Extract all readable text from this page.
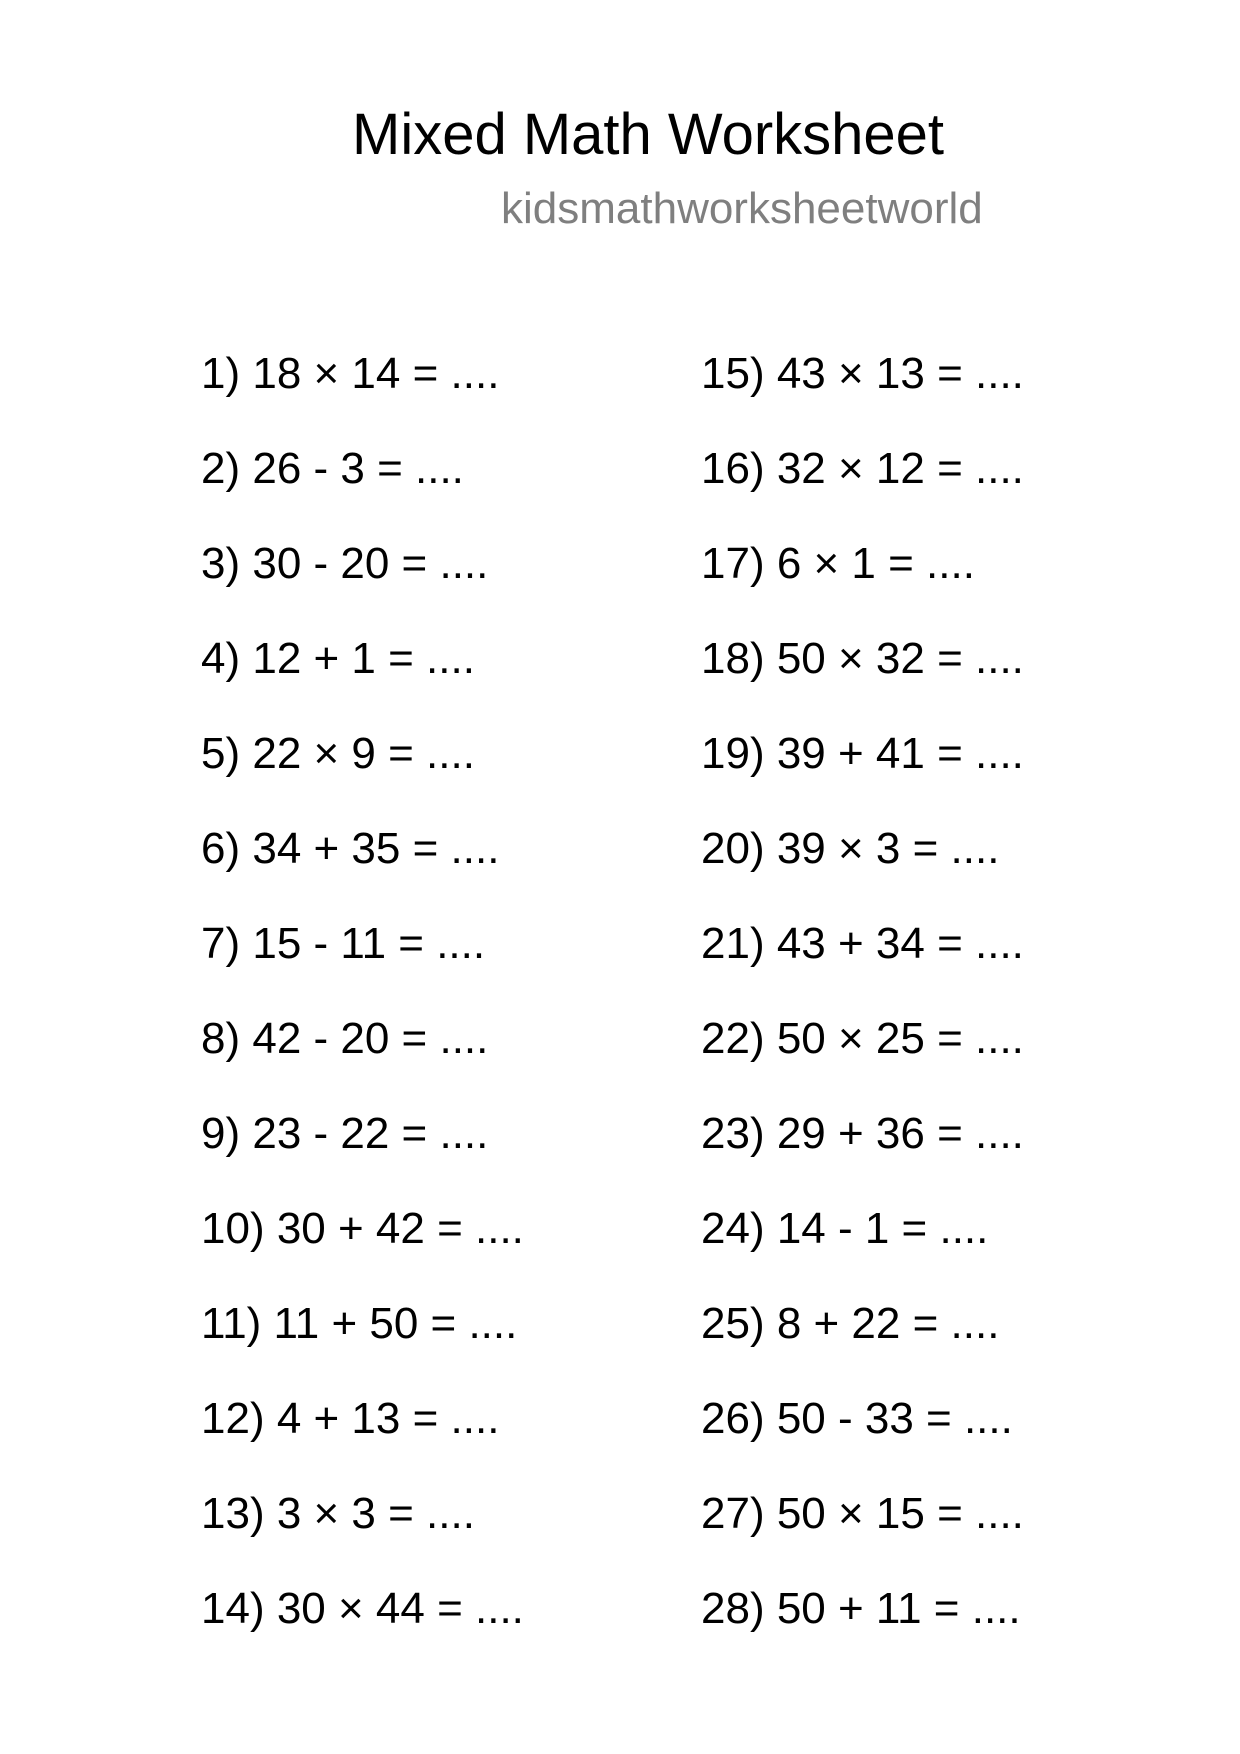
Mixed Math Worksheet
kidsmathworksheetworld
1) 18 × 14 = ....
2) 26 - 3 = ....
3) 30 - 20 = ....
4) 12 + 1 = ....
5) 22 × 9 = ....
6) 34 + 35 = ....
7) 15 - 11 = ....
8) 42 - 20 = ....
9) 23 - 22 = ....
10) 30 + 42 = ....
11) 11 + 50 = ....
12) 4 + 13 = ....
13) 3 × 3 = ....
14) 30 × 44 = ....
15) 43 × 13 = ....
16) 32 × 12 = ....
17) 6 × 1 = ....
18) 50 × 32 = ....
19) 39 + 41 = ....
20) 39 × 3 = ....
21) 43 + 34 = ....
22) 50 × 25 = ....
23) 29 + 36 = ....
24) 14 - 1 = ....
25) 8 + 22 = ....
26) 50 - 33 = ....
27) 50 × 15 = ....
28) 50 + 11 = ....
